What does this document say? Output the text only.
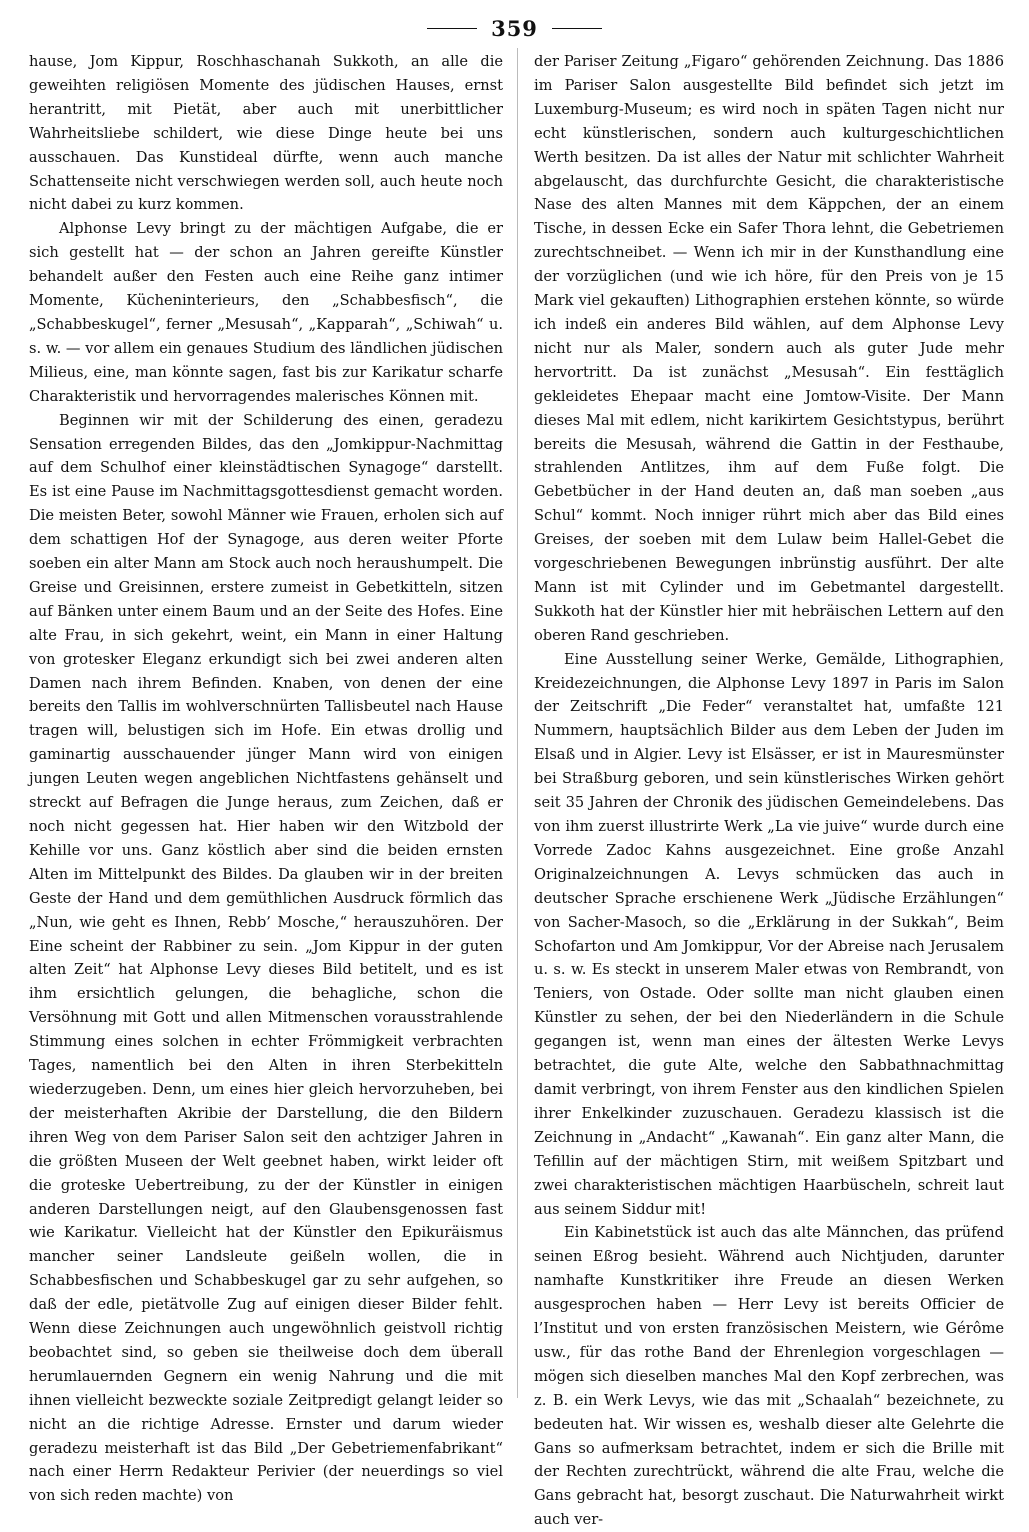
359

hause, Jom Kippur, Roschhaschanah Sukkoth, an alle die geweihten religiösen Momente des jüdischen Hauses, ernst herantritt, mit Pietät, aber auch mit unerbittlicher Wahrheitsliebe schildert, wie diese Dinge heute bei uns ausschauen. Das Kunstideal dürfte, wenn auch manche Schattenseite nicht verschwiegen werden soll, auch heute noch nicht dabei zu kurz kommen.

Alphonse Levy bringt zu der mächtigen Aufgabe, die er sich gestellt hat — der schon an Jahren gereifte Künstler behandelt außer den Festen auch eine Reihe ganz intimer Momente, Kücheninterieurs, den „Schabbesfisch“, die „Schabbeskugel“, ferner „Mesusah“, „Kapparah“, „Schiwah“ u. s. w. — vor allem ein genaues Studium des ländlichen jüdischen Milieus, eine, man könnte sagen, fast bis zur Karikatur scharfe Charakteristik und hervorragendes malerisches Können mit.

Beginnen wir mit der Schilderung des einen, geradezu Sensation erregenden Bildes, das den „Jomkippur-Nachmittag auf dem Schulhof einer kleinstädtischen Synagoge“ darstellt. Es ist eine Pause im Nachmittagsgottesdienst gemacht worden. Die meisten Beter, sowohl Männer wie Frauen, erholen sich auf dem schattigen Hof der Synagoge, aus deren weiter Pforte soeben ein alter Mann am Stock auch noch heraushumpelt. Die Greise und Greisinnen, erstere zumeist in Gebetkitteln, sitzen auf Bänken unter einem Baum und an der Seite des Hofes. Eine alte Frau, in sich gekehrt, weint, ein Mann in einer Haltung von grotesker Eleganz erkundigt sich bei zwei anderen alten Damen nach ihrem Befinden. Knaben, von denen der eine bereits den Tallis im wohlverschnürten Tallisbeutel nach Hause tragen will, belustigen sich im Hofe. Ein etwas drollig und gaminartig ausschauender jünger Mann wird von einigen jungen Leuten wegen angeblichen Nichtfastens gehänselt und streckt auf Befragen die Junge heraus, zum Zeichen, daß er noch nicht gegessen hat. Hier haben wir den Witzbold der Kehille vor uns. Ganz köstlich aber sind die beiden ernsten Alten im Mittelpunkt des Bildes. Da glauben wir in der breiten Geste der Hand und dem gemüthlichen Ausdruck förmlich das „Nun, wie geht es Ihnen, Rebb’ Mosche,“ herauszuhören. Der Eine scheint der Rabbiner zu sein. „Jom Kippur in der guten alten Zeit“ hat Alphonse Levy dieses Bild betitelt, und es ist ihm ersichtlich gelungen, die behagliche, schon die Versöhnung mit Gott und allen Mitmenschen vorausstrahlende Stimmung eines solchen in echter Frömmigkeit verbrachten Tages, namentlich bei den Alten in ihren Sterbekitteln wiederzugeben. Denn, um eines hier gleich hervorzuheben, bei der meisterhaften Akribie der Darstellung, die den Bildern ihren Weg von dem Pariser Salon seit den achtziger Jahren in die größten Museen der Welt geebnet haben, wirkt leider oft die groteske Uebertreibung, zu der der Künstler in einigen anderen Darstellungen neigt, auf den Glaubensgenossen fast wie Karikatur. Vielleicht hat der Künstler den Epikuräismus mancher seiner Landsleute geißeln wollen, die in Schabbesfischen und Schabbeskugel gar zu sehr aufgehen, so daß der edle, pietätvolle Zug auf einigen dieser Bilder fehlt. Wenn diese Zeichnungen auch ungewöhnlich geistvoll richtig beobachtet sind, so geben sie theilweise doch dem überall herumlauernden Gegnern ein wenig Nahrung und die mit ihnen vielleicht bezweckte soziale Zeitpredigt gelangt leider so nicht an die richtige Adresse. Ernster und darum wieder geradezu meisterhaft ist das Bild „Der Gebetriemenfabrikant“ nach einer Herrn Redakteur Perivier (der neuerdings so viel von sich reden machte) von

der Pariser Zeitung „Figaro“ gehörenden Zeichnung. Das 1886 im Pariser Salon ausgestellte Bild befindet sich jetzt im Luxemburg-Museum; es wird noch in späten Tagen nicht nur echt künstlerischen, sondern auch kulturgeschichtlichen Werth besitzen. Da ist alles der Natur mit schlichter Wahrheit abgelauscht, das durchfurchte Gesicht, die charakteristische Nase des alten Mannes mit dem Käppchen, der an einem Tische, in dessen Ecke ein Safer Thora lehnt, die Gebetriemen zurechtschneibet. — Wenn ich mir in der Kunsthandlung eine der vorzüglichen (und wie ich höre, für den Preis von je 15 Mark viel gekauften) Lithographien erstehen könnte, so würde ich indeß ein anderes Bild wählen, auf dem Alphonse Levy nicht nur als Maler, sondern auch als guter Jude mehr hervortritt. Da ist zunächst „Mesusah“. Ein festtäglich gekleidetes Ehepaar macht eine Jomtow-Visite. Der Mann dieses Mal mit edlem, nicht karikirtem Gesichtstypus, berührt bereits die Mesusah, während die Gattin in der Festhaube, strahlenden Antlitzes, ihm auf dem Fuße folgt. Die Gebetbücher in der Hand deuten an, daß man soeben „aus Schul“ kommt. Noch inniger rührt mich aber das Bild eines Greises, der soeben mit dem Lulaw beim Hallel-Gebet die vorgeschriebenen Bewegungen inbrünstig ausführt. Der alte Mann ist mit Cylinder und im Gebetmantel dargestellt. Sukkoth hat der Künstler hier mit hebräischen Lettern auf den oberen Rand geschrieben.

Eine Ausstellung seiner Werke, Gemälde, Lithographien, Kreidezeichnungen, die Alphonse Levy 1897 in Paris im Salon der Zeitschrift „Die Feder“ veranstaltet hat, umfaßte 121 Nummern, hauptsächlich Bilder aus dem Leben der Juden im Elsaß und in Algier. Levy ist Elsässer, er ist in Mauresmünster bei Straßburg geboren, und sein künstlerisches Wirken gehört seit 35 Jahren der Chronik des jüdischen Gemeindelebens. Das von ihm zuerst illustrirte Werk „La vie juive“ wurde durch eine Vorrede Zadoc Kahns ausgezeichnet. Eine große Anzahl Originalzeichnungen A. Levys schmücken das auch in deutscher Sprache erschienene Werk „Jüdische Erzählungen“ von Sacher-Masoch, so die „Erklärung in der Sukkah“, Beim Schofarton und Am Jomkippur, Vor der Abreise nach Jerusalem u. s. w. Es steckt in unserem Maler etwas von Rembrandt, von Teniers, von Ostade. Oder sollte man nicht glauben einen Künstler zu sehen, der bei den Niederländern in die Schule gegangen ist, wenn man eines der ältesten Werke Levys betrachtet, die gute Alte, welche den Sabbathnachmittag damit verbringt, von ihrem Fenster aus den kindlichen Spielen ihrer Enkelkinder zuzuschauen. Geradezu klassisch ist die Zeichnung in „Andacht“ „Kawanah“. Ein ganz alter Mann, die Tefillin auf der mächtigen Stirn, mit weißem Spitzbart und zwei charakteristischen mächtigen Haarbüscheln, schreit laut aus seinem Siddur mit!

Ein Kabinetstück ist auch das alte Männchen, das prüfend seinen Eßrog besieht. Während auch Nichtjuden, darunter namhafte Kunstkritiker ihre Freude an diesen Werken ausgesprochen haben — Herr Levy ist bereits Officier de l’Institut und von ersten französischen Meistern, wie Gérôme usw., für das rothe Band der Ehrenlegion vorgeschlagen — mögen sich dieselben manches Mal den Kopf zerbrechen, was z. B. ein Werk Levys, wie das mit „Schaalah“ bezeichnete, zu bedeuten hat. Wir wissen es, weshalb dieser alte Gelehrte die Gans so aufmerksam betrachtet, indem er sich die Brille mit der Rechten zurechtrückt, während die alte Frau, welche die Gans gebracht hat, besorgt zuschaut. Die Naturwahrheit wirkt auch ver-
